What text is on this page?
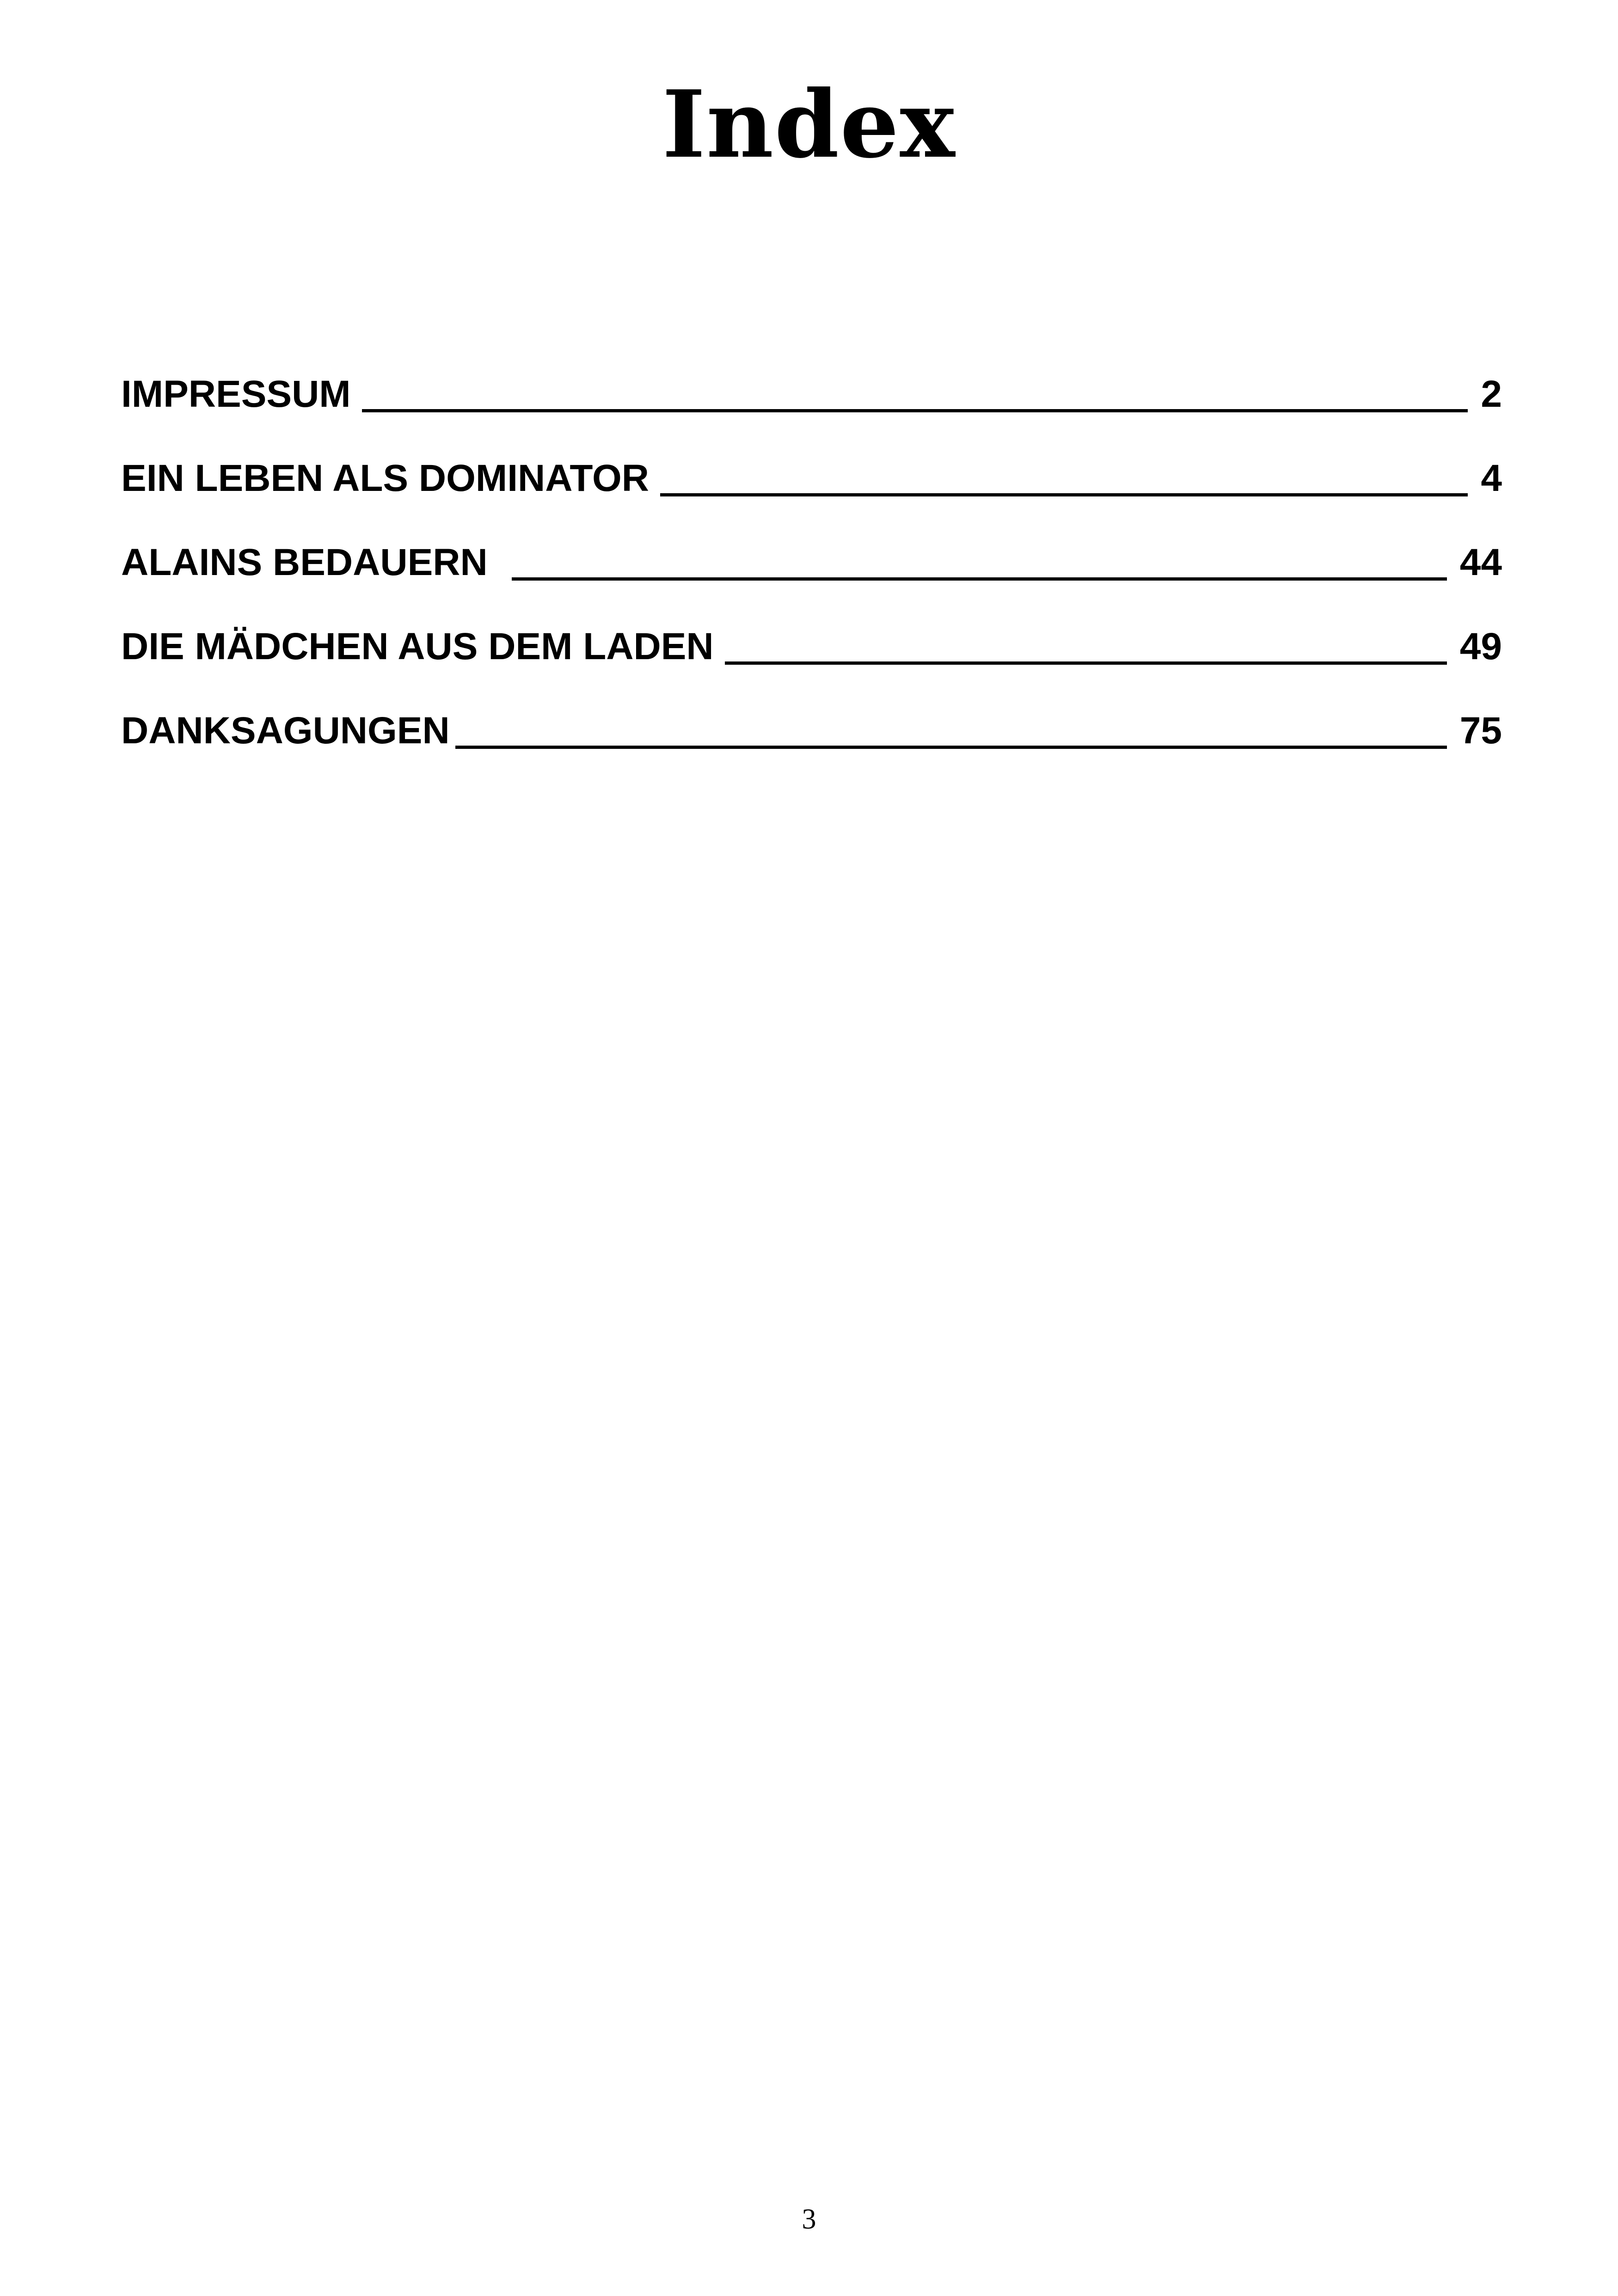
Index
IMPRESSUM	2
EIN LEBEN ALS DOMINATOR	4
ALAINS BEDAUERN	44
DIE MÄDCHEN AUS DEM LADEN	49
DANKSAGUNGEN	75
3
